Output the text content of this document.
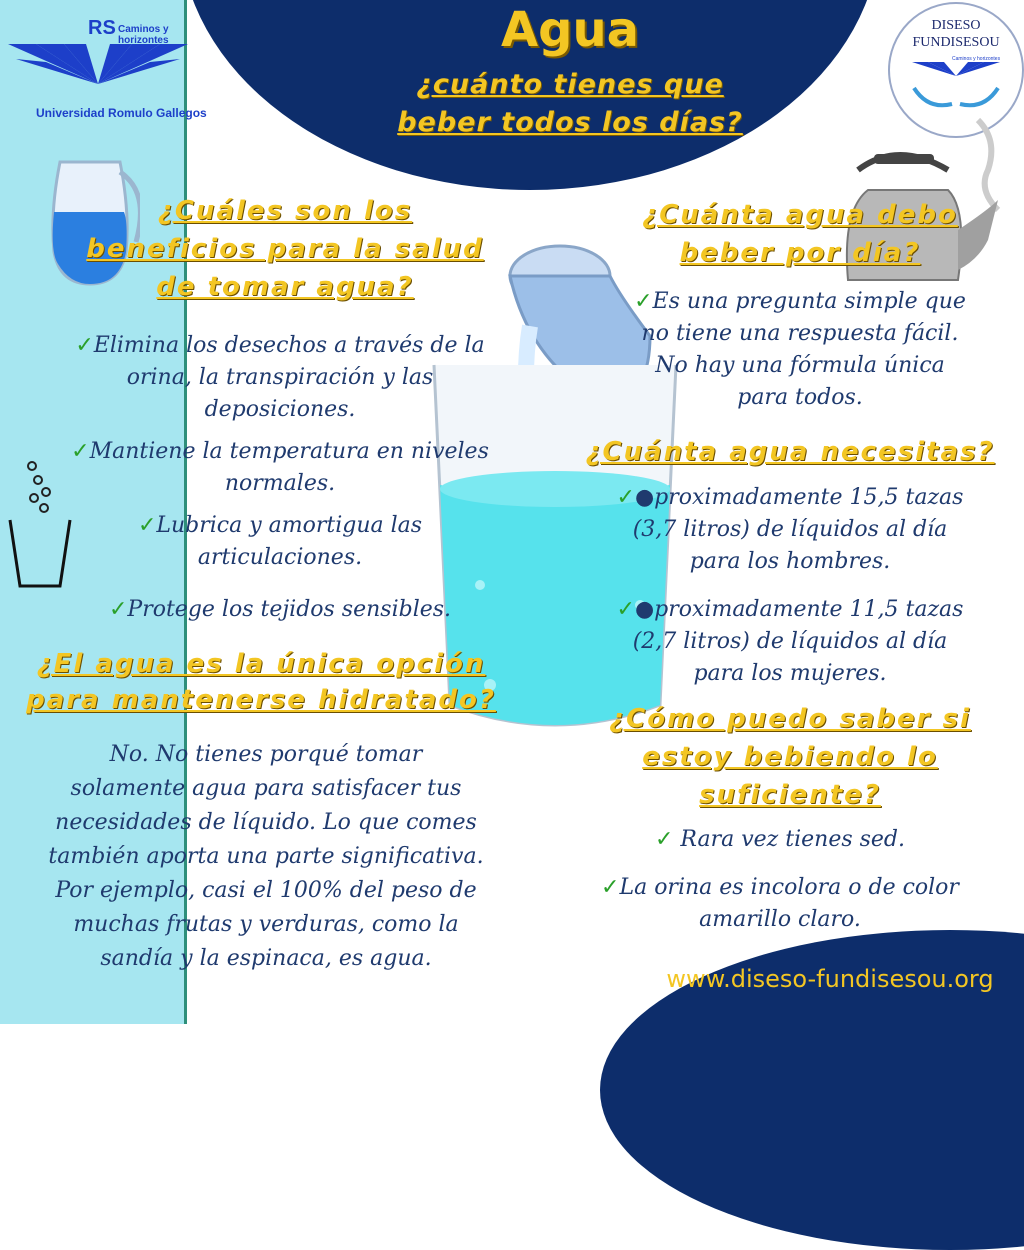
RS Caminos y horizontes
Universidad Romulo Gallegos
Agua
¿cuánto tienes que
beber todos los días?
DISESO
FUNDISESOU
Caminos y horizontes
¿Cuáles son los
beneficios para la salud
de tomar agua?
✓Elimina los desechos a través de la
orina, la transpiración y las
deposiciones.
✓Mantiene la temperatura en niveles
normales.
✓Lubrica y amortigua las
articulaciones.
✓Protege los tejidos sensibles.
¿El agua es la única opción
para mantenerse hidratado?
No. No tienes porqué tomar
solamente agua para satisfacer tus
necesidades de líquido. Lo que comes
también aporta una parte significativa.
Por ejemplo, casi el 100% del peso de
muchas frutas y verduras, como la
sandía y la espinaca, es agua.
¿Cuánta agua debo
beber por día?
✓Es una pregunta simple que
no tiene una respuesta fácil.
No hay una fórmula única
para todos.
¿Cuánta agua necesitas?
✓●proximadamente 15,5 tazas
(3,7 litros) de líquidos al día
para los hombres.
✓●proximadamente 11,5 tazas
(2,7 litros) de líquidos al día
para los mujeres.
¿Cómo puedo saber si
estoy bebiendo lo
suficiente?
✓ Rara vez tienes sed.
✓La orina es incolora o de color
amarillo claro.
www.diseso-fundisesou.org
